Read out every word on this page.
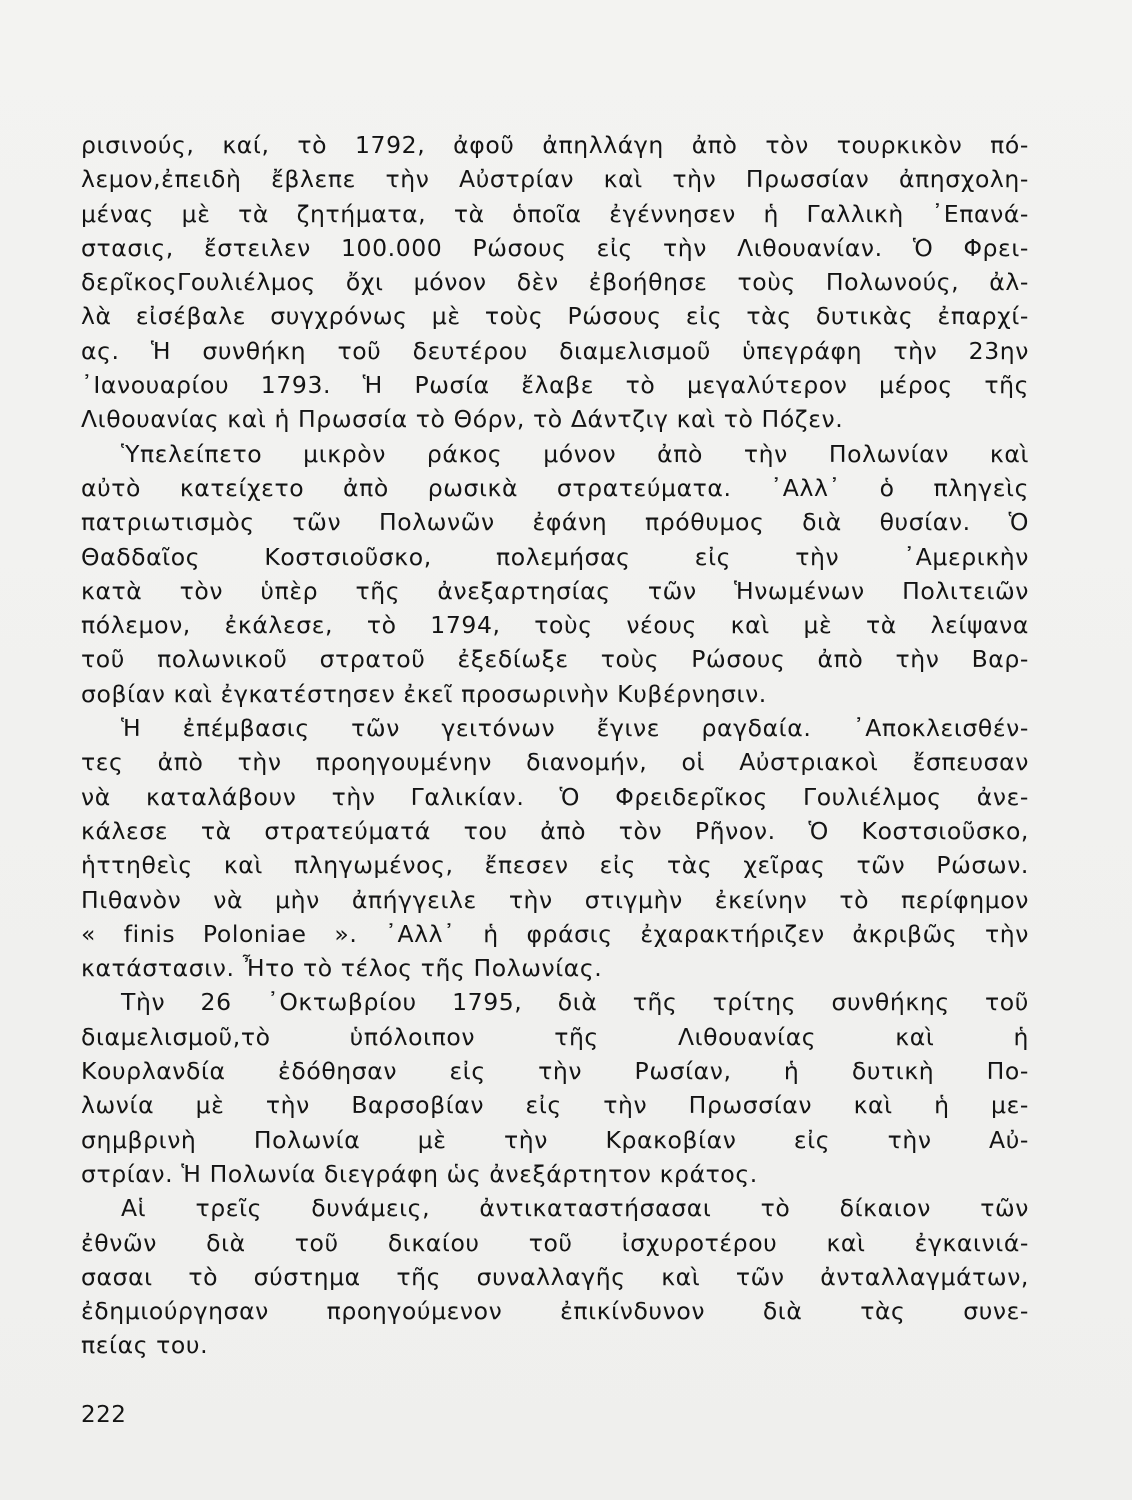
ρισινούς, καί, τὸ 1792, ἀφοῦ ἀπηλλάγη ἀπὸ τὸν τουρκικὸν πό-
λεμον,ἐπειδὴ ἔβλεπε τὴν Αὐστρίαν καὶ τὴν Πρωσσίαν ἀπησχολη-
μένας μὲ τὰ ζητήματα, τὰ ὁποῖα ἐγέννησεν ἡ Γαλλικὴ ᾿Επανά-
στασις, ἔστειλεν 100.000 Ρώσους εἰς τὴν Λιθουανίαν. Ὁ Φρει-
δερῖκοςΓουλιέλμος ὄχι μόνον δὲν ἐβοήθησε τοὺς Πολωνούς, ἀλ-
λὰ εἰσέβαλε συγχρόνως μὲ τοὺς Ρώσους εἰς τὰς δυτικὰς ἐπαρχί-
ας. Ἡ συνθήκη τοῦ δευτέρου διαμελισμοῦ ὑπεγράφη τὴν 23ην
᾿Ιανουαρίου 1793. Ἡ Ρωσία ἔλαβε τὸ μεγαλύτερον μέρος τῆς
Λιθουανίας καὶ ἡ Πρωσσία τὸ Θόρν, τὸ Δάντζιγ καὶ τὸ Πόζεν.
Ὑπελείπετο μικρὸν ράκος μόνον ἀπὸ τὴν Πολωνίαν καὶ
αὐτὸ κατείχετο ἀπὸ ρωσικὰ στρατεύματα. ᾿Αλλ᾿ ὁ πληγεὶς
πατριωτισμὸς τῶν Πολωνῶν ἐφάνη πρόθυμος διὰ θυσίαν. Ὁ
Θαδδαῖος Κοστσιοῦσκο, πολεμήσας εἰς τὴν ᾿Αμερικὴν
κατὰ τὸν ὑπὲρ τῆς ἀνεξαρτησίας τῶν Ἡνωμένων Πολιτειῶν
πόλεμον, ἐκάλεσε, τὸ 1794, τοὺς νέους καὶ μὲ τὰ λείψανα
τοῦ πολωνικοῦ στρατοῦ ἐξεδίωξε τοὺς Ρώσους ἀπὸ τὴν Βαρ-
σοβίαν καὶ ἐγκατέστησεν ἐκεῖ προσωρινὴν Κυβέρνησιν.
Ἡ ἐπέμβασις τῶν γειτόνων ἔγινε ραγδαία. ᾿Αποκλεισθέν-
τες ἀπὸ τὴν προηγουμένην διανομήν, οἱ Αὐστριακοὶ ἔσπευσαν
νὰ καταλάβουν τὴν Γαλικίαν. Ὁ Φρειδερῖκος Γουλιέλμος ἀνε-
κάλεσε τὰ στρατεύματά του ἀπὸ τὸν Ρῆνον. Ὁ Κοστσιοῦσκο,
ἡττηθεὶς καὶ πληγωμένος, ἔπεσεν εἰς τὰς χεῖρας τῶν Ρώσων.
Πιθανὸν νὰ μὴν ἀπήγγειλε τὴν στιγμὴν ἐκείνην τὸ περίφημον
« finis Poloniae ». ᾿Αλλ᾿ ἡ φράσις ἐχαρακτήριζεν ἀκριβῶς τὴν
κατάστασιν. Ἦτο τὸ τέλος τῆς Πολωνίας.
Τὴν 26 ᾿Οκτωβρίου 1795, διὰ τῆς τρίτης συνθήκης τοῦ
διαμελισμοῦ,τὸ ὑπόλοιπον τῆς Λιθουανίας καὶ ἡ
Κουρλανδία ἐδόθησαν εἰς τὴν Ρωσίαν, ἡ δυτικὴ Πο-
λωνία μὲ τὴν Βαρσοβίαν εἰς τὴν Πρωσσίαν καὶ ἡ με-
σημβρινὴ Πολωνία μὲ τὴν Κρακοβίαν εἰς τὴν Αὐ-
στρίαν. Ἡ Πολωνία διεγράφη ὡς ἀνεξάρτητον κράτος.
Αἱ τρεῖς δυνάμεις, ἀντικαταστήσασαι τὸ δίκαιον τῶν
ἐθνῶν διὰ τοῦ δικαίου τοῦ ἰσχυροτέρου καὶ ἐγκαινιά-
σασαι τὸ σύστημα τῆς συναλλαγῆς καὶ τῶν ἀνταλλαγμάτων,
ἐδημιούργησαν προηγούμενον ἐπικίνδυνον διὰ τὰς συνε-
πείας του.
222
